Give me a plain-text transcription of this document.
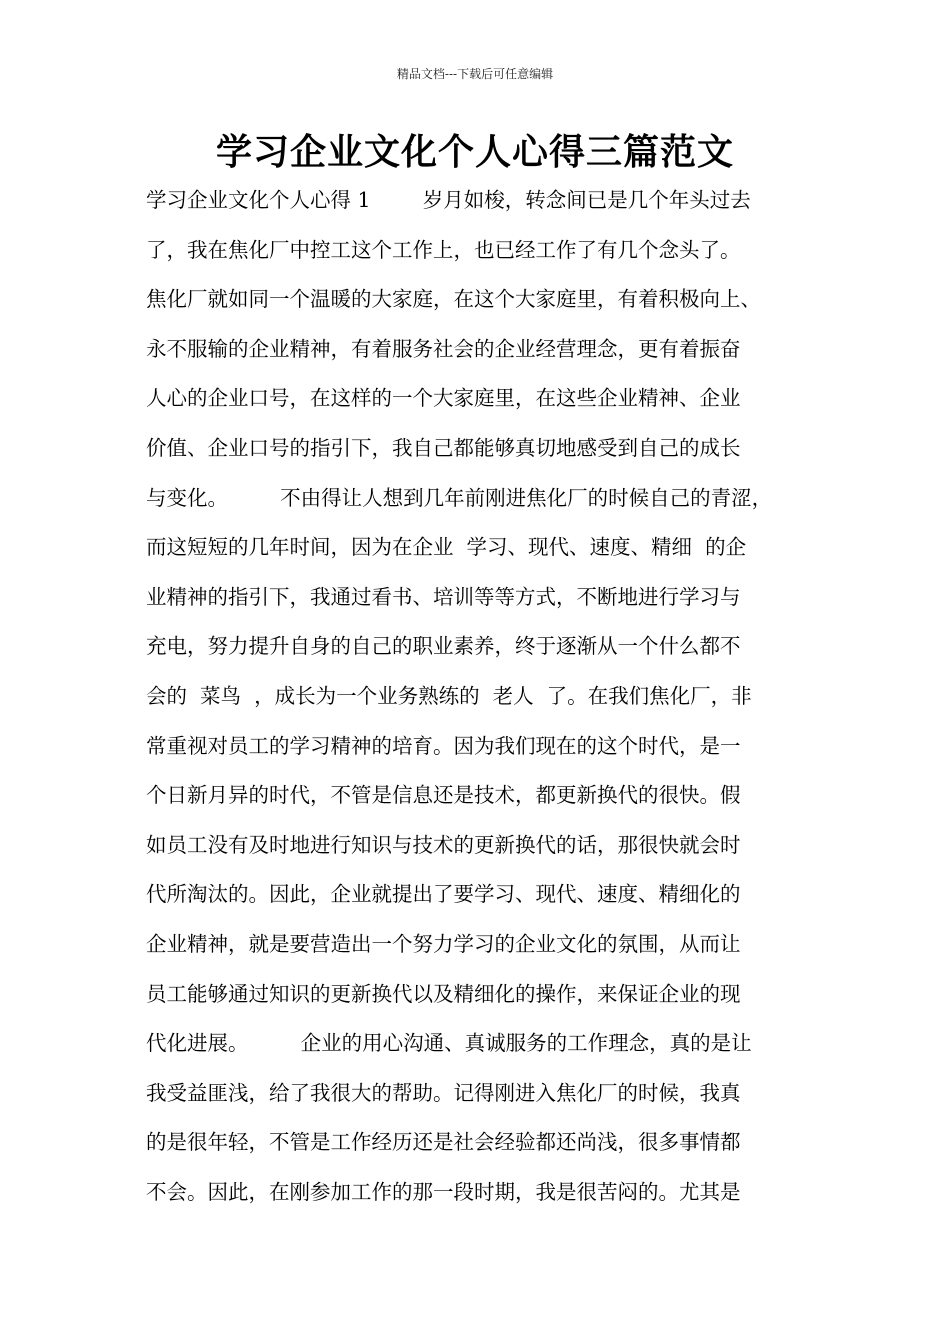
精品文档---下载后可任意编辑
学习企业文化个人心得三篇范文
学习企业文化个人心得 1        岁月如梭，转念间已是几个年头过去
了，我在焦化厂中控工这个工作上，也已经工作了有几个念头了。
焦化厂就如同一个温暖的大家庭，在这个大家庭里，有着积极向上、
永不服输的企业精神，有着服务社会的企业经营理念，更有着振奋
人心的企业口号，在这样的一个大家庭里，在这些企业精神、企业
价值、企业口号的指引下，我自己都能够真切地感受到自己的成长
与变化。        不由得让人想到几年前刚进焦化厂的时候自己的青涩，
而这短短的几年时间，因为在企业  学习、现代、速度、精细  的企
业精神的指引下，我通过看书、培训等等方式，不断地进行学习与
充电，努力提升自身的自己的职业素养，终于逐渐从一个什么都不
会的  菜鸟  ，成长为一个业务熟练的  老人  了。在我们焦化厂，非
常重视对员工的学习精神的培育。因为我们现在的这个时代，是一
个日新月异的时代，不管是信息还是技术，都更新换代的很快。假
如员工没有及时地进行知识与技术的更新换代的话，那很快就会时
代所淘汰的。因此，企业就提出了要学习、现代、速度、精细化的
企业精神，就是要营造出一个努力学习的企业文化的氛围，从而让
员工能够通过知识的更新换代以及精细化的操作，来保证企业的现
代化进展。        企业的用心沟通、真诚服务的工作理念，真的是让
我受益匪浅，给了我很大的帮助。记得刚进入焦化厂的时候，我真
的是很年轻，不管是工作经历还是社会经验都还尚浅，很多事情都
不会。因此，在刚参加工作的那一段时期，我是很苦闷的。尤其是
